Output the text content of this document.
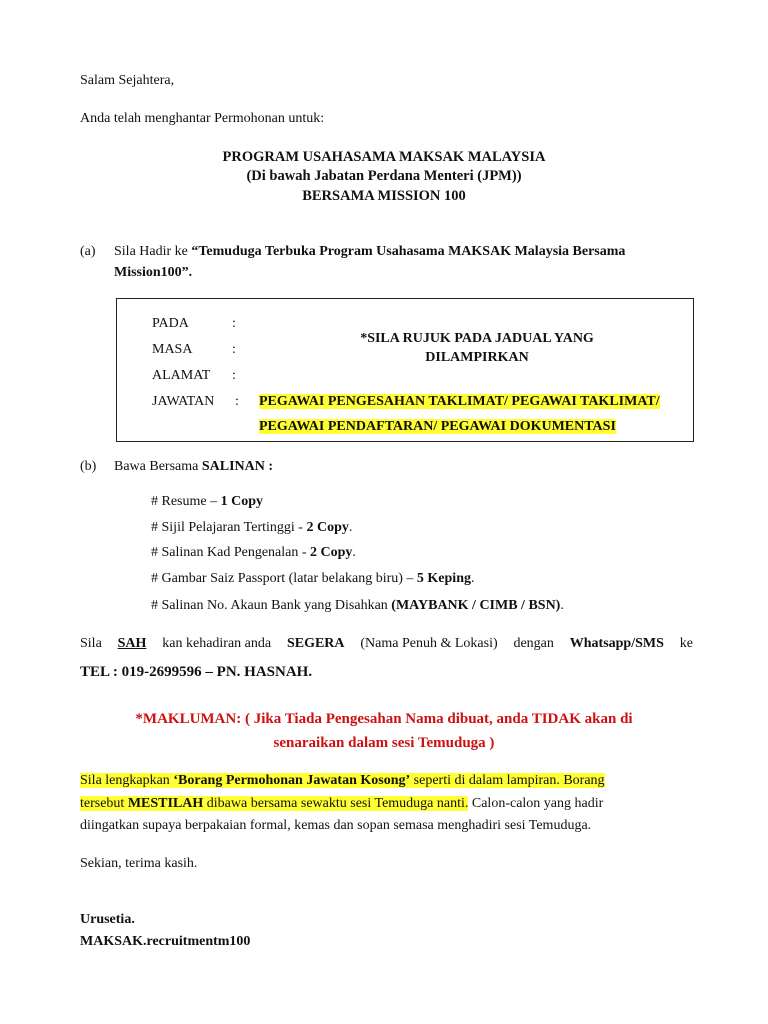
Salam Sejahtera,
Anda telah menghantar Permohonan untuk:
PROGRAM USAHASAMA MAKSAK MALAYSIA
(Di bawah Jabatan Perdana Menteri (JPM))
BERSAMA MISSION 100
(a) Sila Hadir ke “Temuduga Terbuka Program Usahasama MAKSAK Malaysia Bersama
Mission100”.
PADA	:
MASA	:
ALAMAT :
JAWATAN :
*SILA RUJUK PADA JADUAL YANG
DILAMPIRKAN
PEGAWAI PENGESAHAN TAKLIMAT/ PEGAWAI TAKLIMAT/
PEGAWAI PENDAFTARAN/ PEGAWAI DOKUMENTASI
(b) Bawa Bersama SALINAN :
# Resume – 1 Copy
# Sijil Pelajaran Tertinggi - 2 Copy.
# Salinan Kad Pengenalan - 2 Copy.
# Gambar Saiz Passport (latar belakang biru) – 5 Keping.
# Salinan No. Akaun Bank yang Disahkan (MAYBANK / CIMB / BSN).
Sila SAH kan kehadiran anda SEGERA (Nama Penuh & Lokasi) dengan Whatsapp/SMS ke
TEL : 019-2699596 – PN. HASNAH.
*MAKLUMAN: ( Jika Tiada Pengesahan Nama dibuat, anda TIDAK akan di
senaraikan dalam sesi Temuduga )
Sila lengkapkan ‘Borang Permohonan Jawatan Kosong’ seperti di dalam lampiran. Borang
tersebut MESTILAH dibawa bersama sewaktu sesi Temuduga nanti. Calon-calon yang hadir
diingatkan supaya berpakaian formal, kemas dan sopan semasa menghadiri sesi Temuduga.
Sekian, terima kasih.
Urusetia.
MAKSAK.recruitmentm100
